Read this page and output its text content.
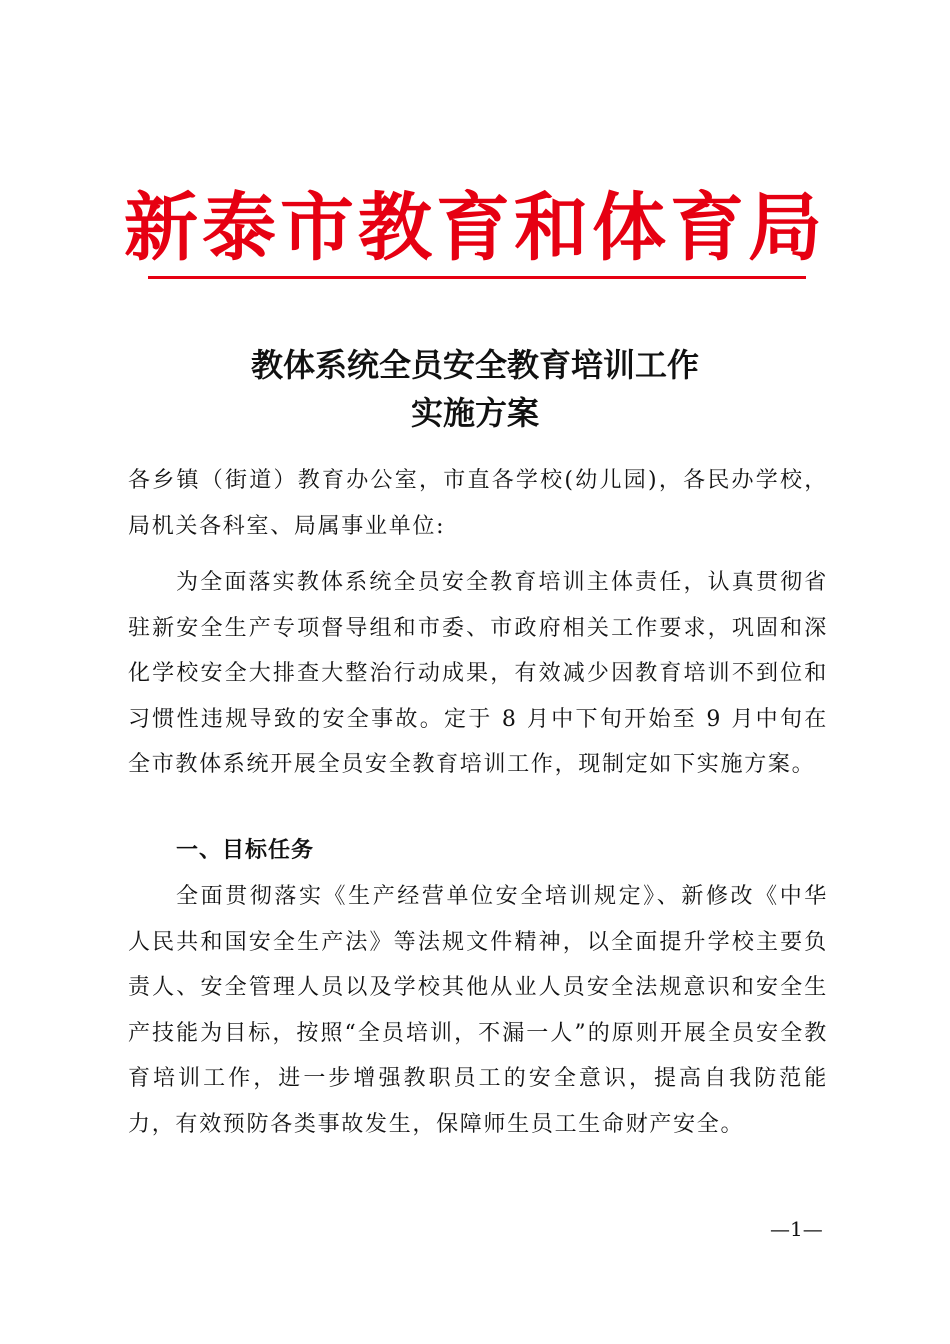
新泰市教育和体育局
教体系统全员安全教育培训工作
实施方案
各乡镇（街道）教育办公室，市直各学校(幼儿园)，各民办学校，局机关各科室、局属事业单位:
为全面落实教体系统全员安全教育培训主体责任，认真贯彻省驻新安全生产专项督导组和市委、市政府相关工作要求，巩固和深化学校安全大排查大整治行动成果，有效减少因教育培训不到位和习惯性违规导致的安全事故。定于 8 月中下旬开始至 9 月中旬在全市教体系统开展全员安全教育培训工作，现制定如下实施方案。
一、目标任务
全面贯彻落实《生产经营单位安全培训规定》、新修改《中华人民共和国安全生产法》等法规文件精神，以全面提升学校主要负责人、安全管理人员以及学校其他从业人员安全法规意识和安全生产技能为目标，按照“全员培训，不漏一人”的原则开展全员安全教育培训工作，进一步增强教职员工的安全意识，提高自我防范能力，有效预防各类事故发生，保障师生员工生命财产安全。
—1—
